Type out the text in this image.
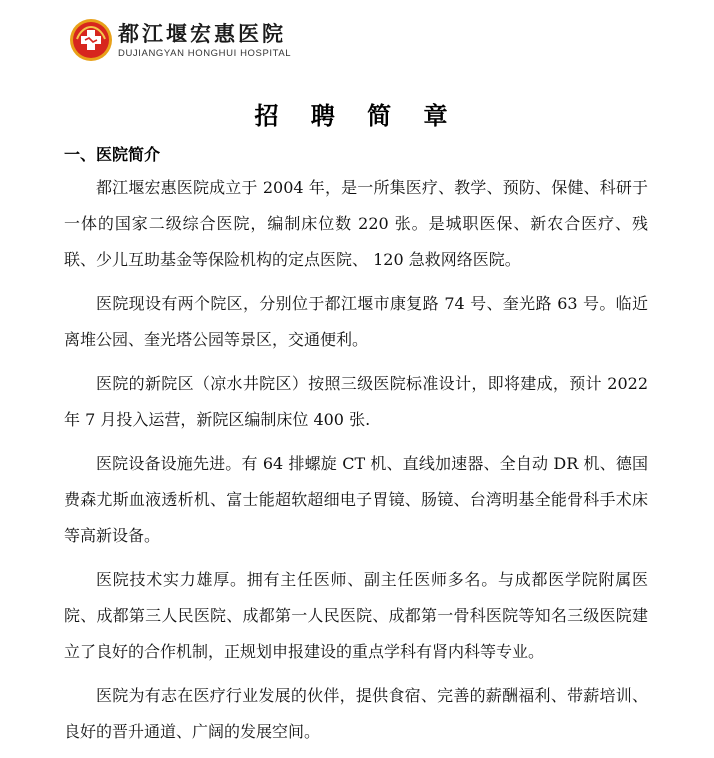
都江堰宏惠医院
DUJIANGYAN HONGHUI HOSPITAL
招 聘 简 章
一、医院简介

都江堰宏惠医院成立于 2004 年，是一所集医疗、教学、预防、保健、科研于一体的国家二级综合医院，编制床位数 220 张。是城职医保、新农合医疗、残联、少儿互助基金等保险机构的定点医院、 120 急救网络医院。

医院现设有两个院区，分别位于都江堰市康复路 74 号、奎光路 63 号。临近离堆公园、奎光塔公园等景区，交通便利。

医院的新院区（凉水井院区）按照三级医院标准设计，即将建成，预计 2022 年 7 月投入运营，新院区编制床位 400 张.

医院设备设施先进。有 64 排螺旋 CT 机、直线加速器、全自动 DR 机、德国费森尤斯血液透析机、富士能超软超细电子胃镜、肠镜、台湾明基全能骨科手术床等高新设备。

医院技术实力雄厚。拥有主任医师、副主任医师多名。与成都医学院附属医院、成都第三人民医院、成都第一人民医院、成都第一骨科医院等知名三级医院建立了良好的合作机制，正规划申报建设的重点学科有肾内科等专业。

医院为有志在医疗行业发展的伙伴，提供食宿、完善的薪酬福利、带薪培训、良好的晋升通道、广阔的发展空间。
